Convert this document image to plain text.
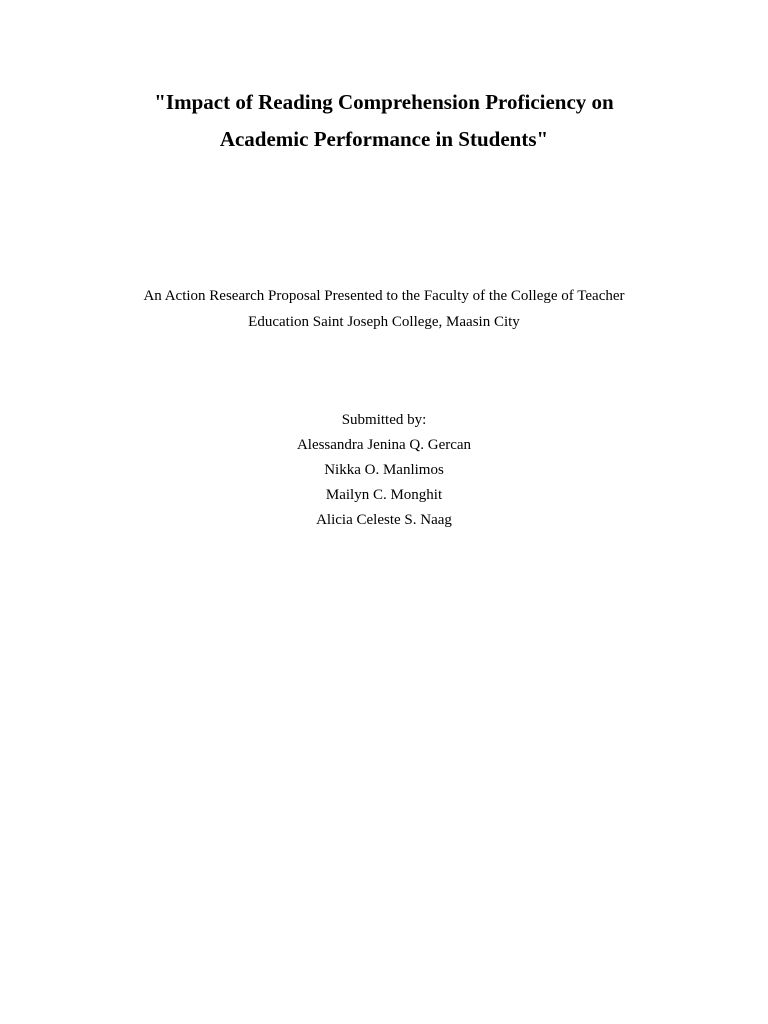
"Impact of Reading Comprehension Proficiency on
Academic Performance in Students"
An Action Research Proposal Presented to the Faculty of the College of Teacher
Education Saint Joseph College, Maasin City
Submitted by:
Alessandra Jenina Q. Gercan
Nikka O. Manlimos
Mailyn C. Monghit
Alicia Celeste S. Naag
